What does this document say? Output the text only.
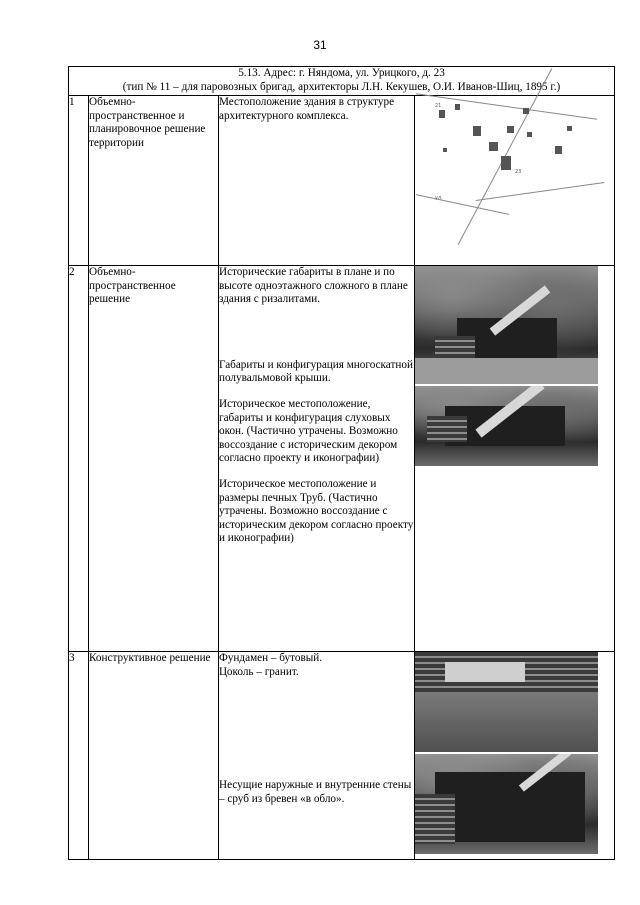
31
5.13. Адрес: г. Няндома, ул. Урицкого, д. 23
(тип № 11 – для паровозных бригад, архитекторы Л.Н. Кекушев, О.И. Иванов-Шиц, 1895 г.)			

1	Объемно-пространственное и планировочное решение территории	Местоположение здания в структуре архитектурного комплекса.	21
23
ул.

2	Объемно-пространственное решение	Исторические габариты в плане и по высоте одноэтажного сложного в плане здания с ризалитами.
Габариты и конфигурация многоскатной полувальмовой крыши.
Историческое местоположение, габариты и конфигурация слуховых окон. (Частично утрачены. Возможно воссоздание с историческим декором согласно проекту и иконографии)
Историческое местоположение и размеры печных Труб. (Частично утрачены. Возможно воссоздание с историческим декором согласно проекту и иконографии)	

3	Конструктивное решение	Фундамен – бутовый.
Цоколь – гранит.
Несущие наружные и внутренние стены – сруб из бревен «в обло».	
